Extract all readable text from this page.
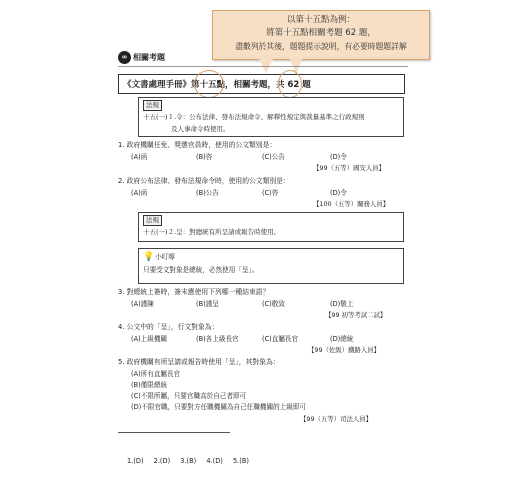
以第十五點為例：
將第十五點相關考題 62 題，
盡數列於其後，題題提示說明，有必要時題題詳解
∞ 相關考題
《文書處理手冊》第十五點，相關考題，共 62 題
法規
十五(一)１.令：公布法律、發布法規命令、解釋性規定與裁量基準之行政規則
及人事命令時使用。
1. 政府機關任免、獎懲官員時，使用的公文類別是：
(A)函	(B)咨	(C)公告	(D)令
【99（五等）國安人員】
2. 政府公布法律、發布法規命令時，使用的公文類別是：
(A)函	(B)公告	(C)咨	(D)令
【100（五等）關務人員】
法規
十五(一)２.呈：對總統有所呈請或報告時使用。
💡小叮嚀
只要受文對象是總統，必然使用「呈」。
3. 對總統上簽時，簽末應使用下列哪一種結束語？
(A)謹陳	(B)謹呈	(C)敬致	(D)敬上
【99 初等考試二試】
4. 公文中的「呈」，行文對象為：
(A)上級機關	(B)各上級長官	(C)直屬長官	(D)總統
【99（佐級）鐵路人員】
5. 政府機關有所呈請或報告時使用「呈」，其對象為：
(A)所有直屬長官
(B)僅限總統
(C)不限所屬，只要官職高於自己者即可
(D)不限官職，只要對方任職機關為自己任職機關的上級即可
【99（五等）司法人員】
1.(D) 2.(D) 3.(B) 4.(D) 5.(B)
